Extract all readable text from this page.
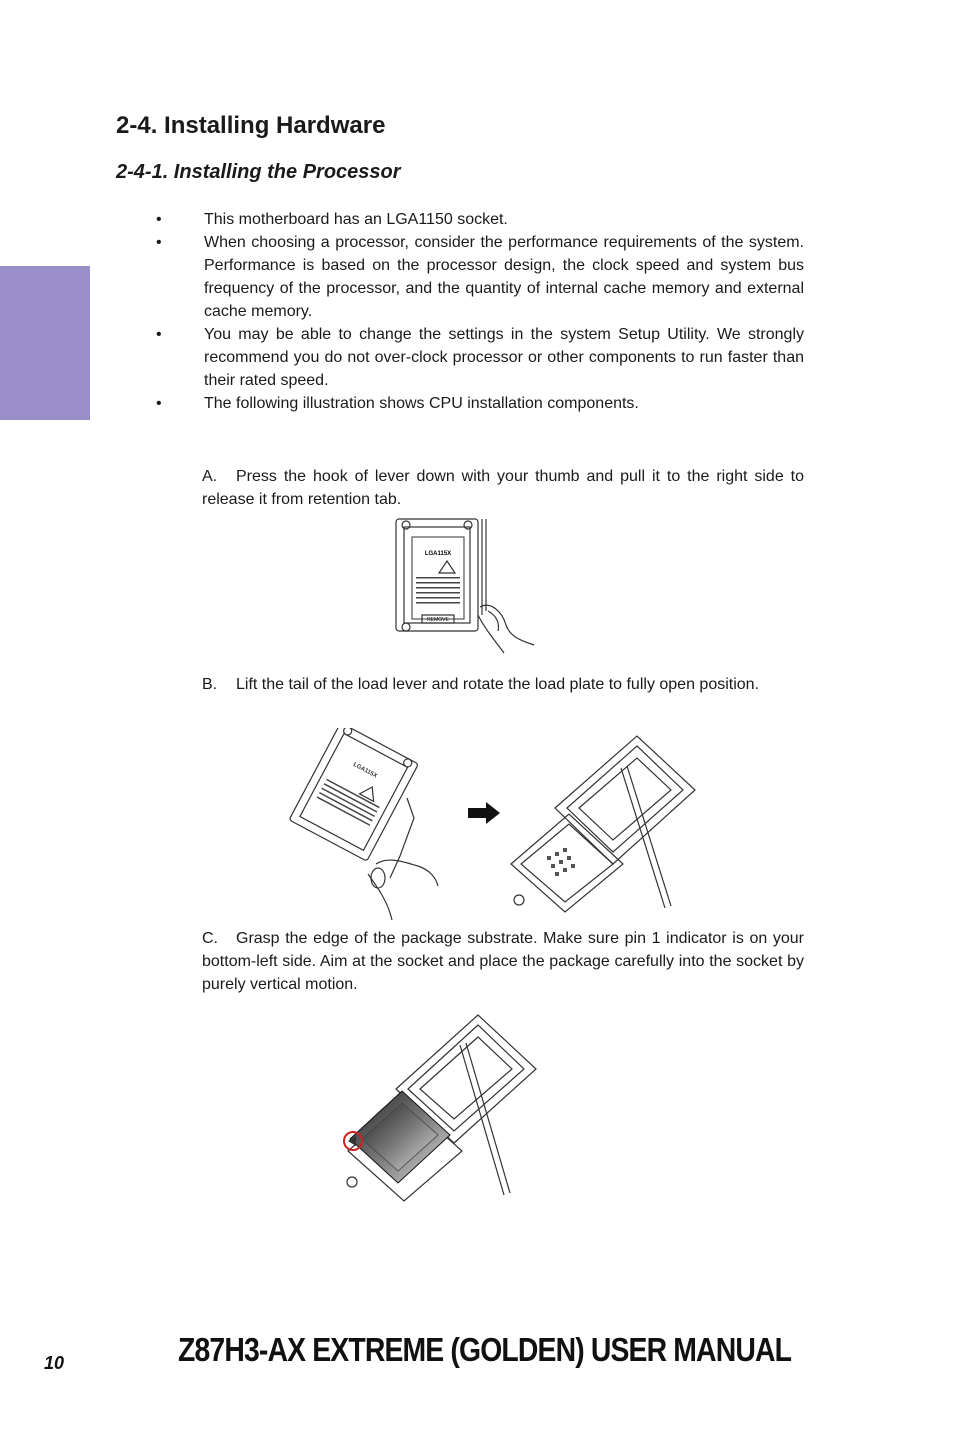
2-4. Installing Hardware
2-4-1. Installing the Processor
•	This motherboard has an LGA1150 socket.
•	When choosing a processor, consider the performance requirements of the system. Performance is based on the processor design, the clock speed and system bus frequency of the processor, and the quantity of internal cache memory and external cache memory.
•	You may be able to change the settings in the system Setup Utility. We strongly recommend you do not over-clock processor or other components to run faster than their rated speed.
•	The following illustration shows CPU installation components.

A. Press the hook of lever down with your thumb and pull it to the right side to release it from retention tab.

LGA115X
REMOVE

B. Lift the tail of the load lever and rotate the load plate to fully open position.

LGA115X

C. Grasp the edge of the package substrate. Make sure pin 1 indicator is on your bottom-left side. Aim at the socket and place the package carefully into the socket by purely vertical motion.

10	Z87H3-AX EXTREME (GOLDEN) USER MANUAL
